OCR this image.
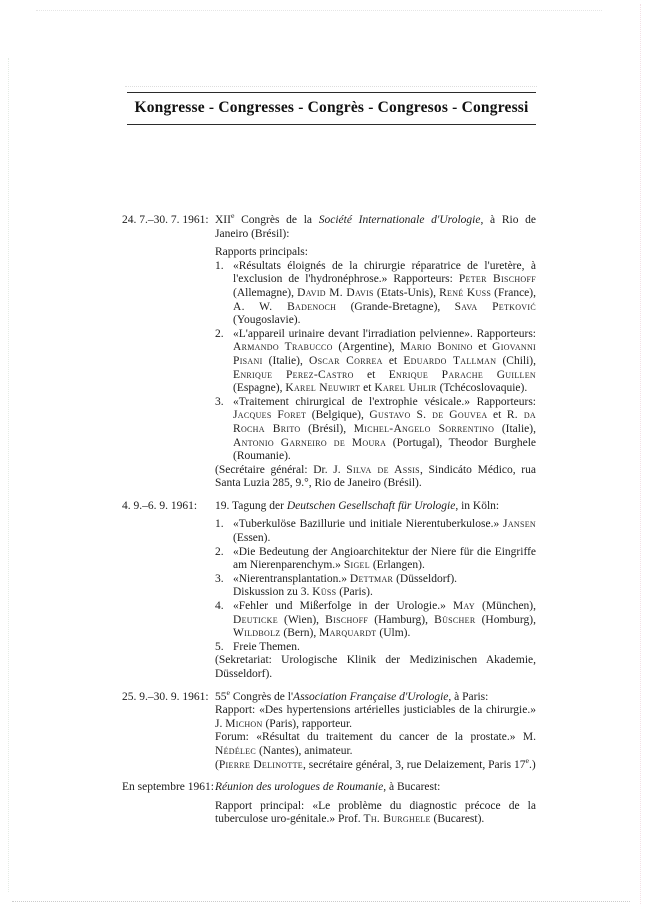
Kongresse - Congresses - Congrès - Congresos - Congressi
24. 7.–30. 7. 1961: XIIe Congrès de la Société Internationale d'Urologie, à Rio de Janeiro (Brésil):
Rapports principals:
1. «Résultats éloignés de la chirurgie réparatrice de l'uretère, à l'exclusion de l'hydronéphrose.» Rapporteurs: Peter Bischoff (Allemagne), David M. Davis (Etats-Unis), René Kuss (France), A. W. Badenoch (Grande-Bretagne), Sava Petković (Yougoslavie).
2. «L'appareil urinaire devant l'irradiation pelvienne». Rapporteurs: Armando Trabucco (Argentine), Mario Bonino et Giovanni Pisani (Italie), Oscar Correa et Eduardo Tallman (Chili), Enrique Perez-Castro et Enrique Parache Guillen (Espagne), Karel Neuwirt et Karel Uhlir (Tchécoslovaquie).
3. «Traitement chirurgical de l'extrophie vésicale.» Rapporteurs: Jacques Foret (Belgique), Gustavo S. de Gouvea et R. da Rocha Brito (Brésil), Michel-Angelo Sorrentino (Italie), Antonio Garneiro de Moura (Portugal), Theodor Burghele (Roumanie).
(Secrétaire général: Dr. J. Silva de Assis, Sindicáto Médico, rua Santa Luzia 285, 9.°, Rio de Janeiro (Brésil).
4. 9.–6. 9. 1961:	19. Tagung der Deutschen Gesellschaft für Urologie, in Köln:
1. «Tuberkulöse Bazillurie und initiale Nierentuberkulose.» Jansen (Essen).
2. «Die Bedeutung der Angioarchitektur der Niere für die Eingriffe am Nierenparenchym.» Sigel (Erlangen).
3. «Nierentransplantation.» Dettmar (Düsseldorf).
Diskussion zu 3. Küss (Paris).
4. «Fehler und Mißerfolge in der Urologie.» May (München), Deuticke (Wien), Bischoff (Hamburg), Büscher (Homburg), Wildbolz (Bern), Marquardt (Ulm).
5. Freie Themen.
(Sekretariat: Urologische Klinik der Medizinischen Akademie, Düsseldorf).
25. 9.–30. 9. 1961: 55e Congrès de l'Association Française d'Urologie, à Paris:
Rapport: «Des hypertensions artérielles justiciables de la chirurgie.» J. Michon (Paris), rapporteur.
Forum: «Résultat du traitement du cancer de la prostate.» M. Nédélec (Nantes), animateur.
(Pierre Delinotte, secrétaire général, 3, rue Delaizement, Paris 17e.)
En septembre 1961: Réunion des urologues de Roumanie, à Bucarest:
Rapport principal: «Le problème du diagnostic précoce de la tuberculose uro-génitale.» Prof. Th. Burghele (Bucarest).
